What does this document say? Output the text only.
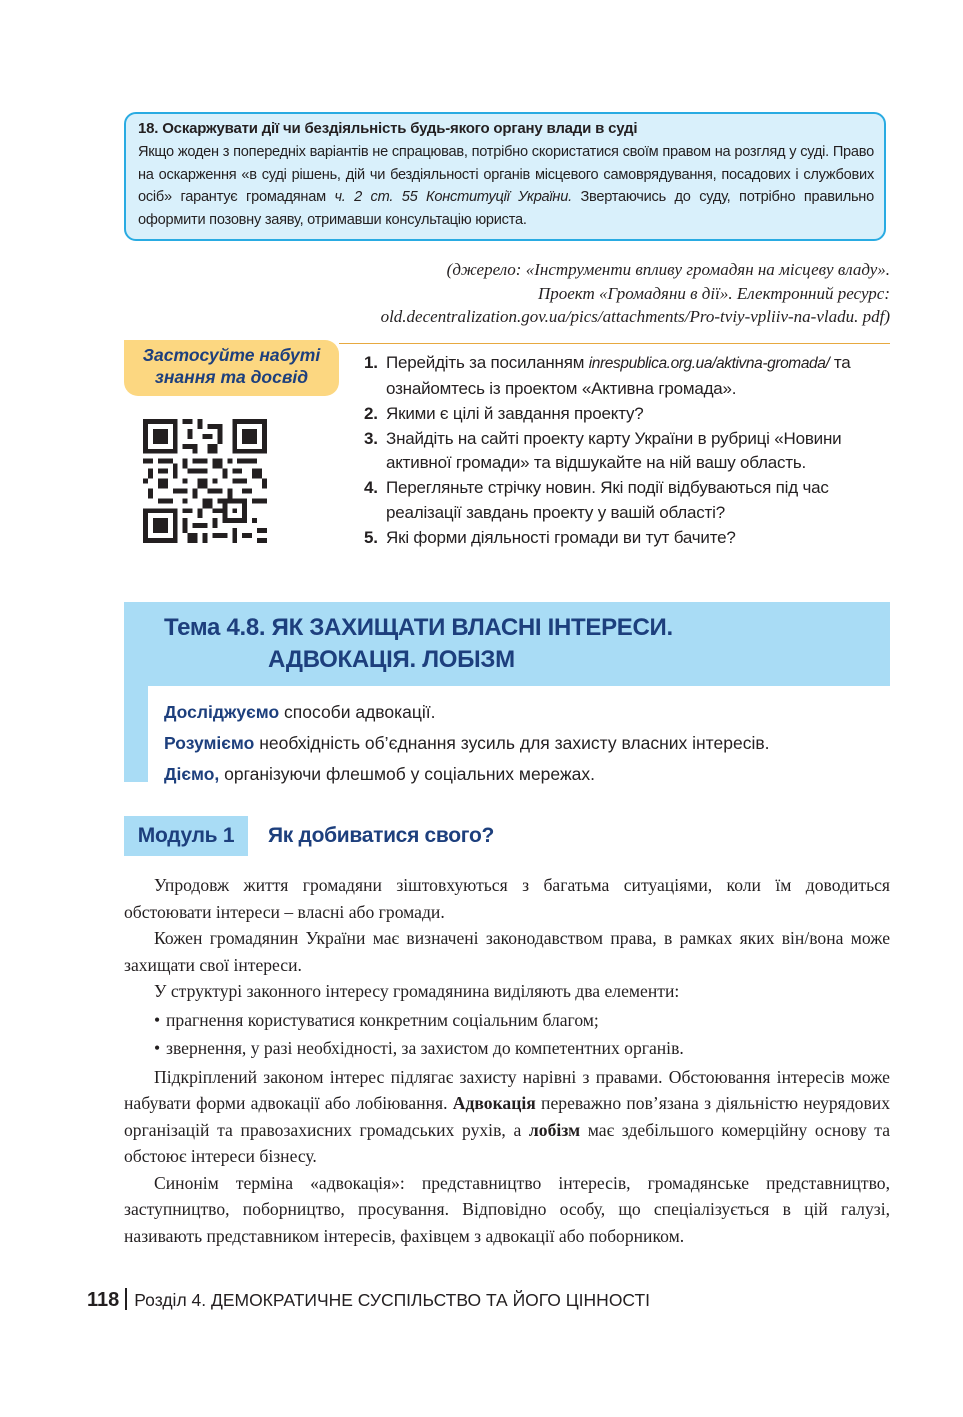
18. Оскаржувати дії чи бездіяльність будь-якого органу влади в суді
Якщо жоден з попередніх варіантів не спрацював, потрібно скористатися своїм правом на розгляд у суді. Право на оскарження «в суді рішень, дій чи бездіяльності органів місцевого самоврядування, посадових і службових осіб» гарантує громадянам ч. 2 ст. 55 Конституції України. Звертаючись до суду, потрібно правильно оформити позовну заяву, отримавши консультацію юриста.
(джерело: «Інструменти впливу громадян на місцеву владу».
Проект «Громадяни в дії». Електронний ресурс:
old.decentralization.gov.ua/pics/attachments/Pro-tviy-vpliiv-na-vladu. pdf)
Застосуйте набуті
знання та досвід
1. Перейдіть за посиланням inrespublica.org.ua/aktivna-gromada/ та ознайомтесь із проектом «Активна громада».
2. Якими є цілі й завдання проекту?
3. Знайдіть на сайті проекту карту України в рубриці «Новини активної громади» та відшукайте на ній вашу область.
4. Перегляньте стрічку новин. Які події відбуваються під час реалізації завдань проекту у вашій області?
5. Які форми діяльності громади ви тут бачите?
Тема 4.8. ЯК ЗАХИЩАТИ ВЛАСНІ ІНТЕРЕСИ.
АДВОКАЦІЯ. ЛОБІЗМ
Досліджуємо способи адвокації.
Розуміємо необхідність об’єднання зусиль для захисту власних інтересів.
Діємо, організуючи флешмоб у соціальних мережах.
Модуль 1	Як добиватися свого?

Упродовж життя громадяни зіштовхуються з багатьма ситуаціями, коли їм доводиться обстоювати інтереси – власні або громади.

Кожен громадянин України має визначені законодавством права, в рамках яких він/вона може захищати свої інтереси.

У структурі законного інтересу громадянина виділяють два елементи:

• прагнення користуватися конкретним соціальним благом;

• звернення, у разі необхідності, за захистом до компетентних органів.

Підкріплений законом інтерес підлягає захисту нарівні з правами. Обстоювання інтересів може набувати форми адвокації або лобіювання. Адвокація переважно пов’язана з діяльністю неурядових організацій та правозахисних громадських рухів, а лобізм має здебільшого комерційну основу та обстоює інтереси бізнесу.

Синонім терміна «адвокація»: представництво інтересів, громадянське представництво, заступництво, поборництво, просування. Відповідно особу, що спеціалізується в цій галузі, називають представником інтересів, фахівцем з адвокації або поборником.

118 Розділ 4. ДЕМОКРАТИЧНЕ СУСПІЛЬСТВО ТА ЙОГО ЦІННОСТІ
